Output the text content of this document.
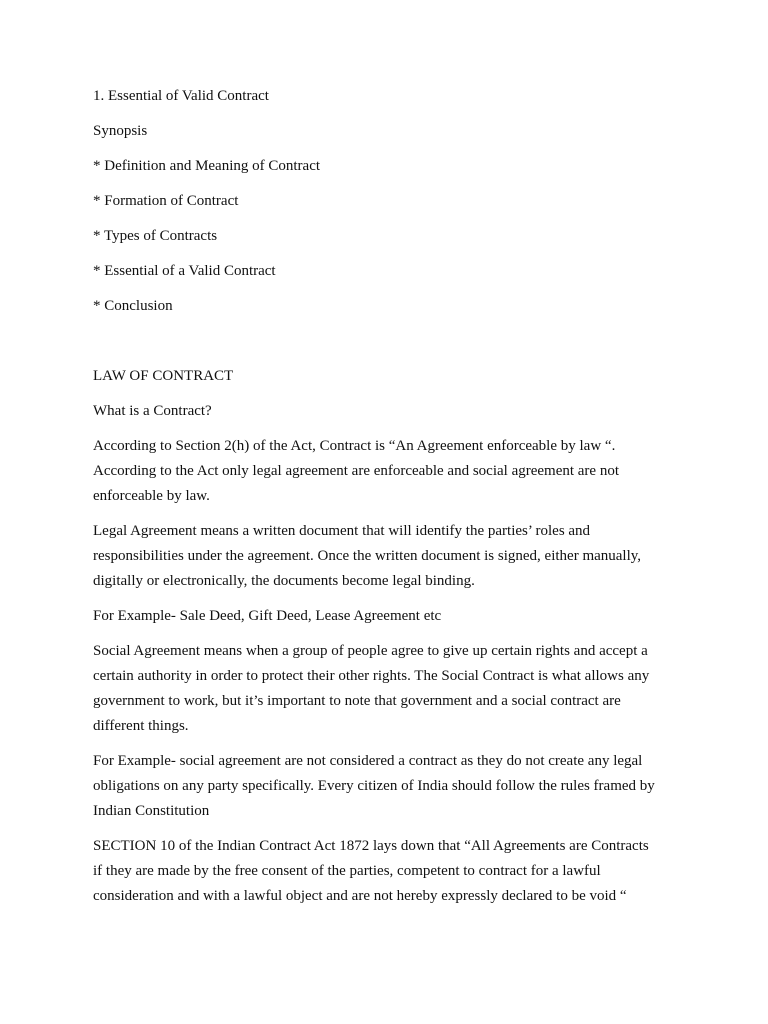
1. Essential of Valid Contract

Synopsis

* Definition and Meaning of Contract

* Formation of Contract

* Types of Contracts

* Essential of a Valid Contract

* Conclusion

LAW OF CONTRACT

What is a Contract?

According to Section 2(h) of the Act, Contract is “An Agreement enforceable by law “.
According to the Act only legal agreement are enforceable and social agreement are not
enforceable by law.
Legal Agreement means a written document that will identify the parties’ roles and
responsibilities under the agreement. Once the written document is signed, either manually,
digitally or electronically, the documents become legal binding.
For Example- Sale Deed, Gift Deed, Lease Agreement etc
Social Agreement means when a group of people agree to give up certain rights and accept a
certain authority in order to protect their other rights. The Social Contract is what allows any
government to work, but it’s important to note that government and a social contract are
different things.
For Example- social agreement are not considered a contract as they do not create any legal
obligations on any party specifically. Every citizen of India should follow the rules framed by
Indian Constitution
SECTION 10 of the Indian Contract Act 1872 lays down that “All Agreements are Contracts
if they are made by the free consent of the parties, competent to contract for a lawful
consideration and with a lawful object and are not hereby expressly declared to be void “
